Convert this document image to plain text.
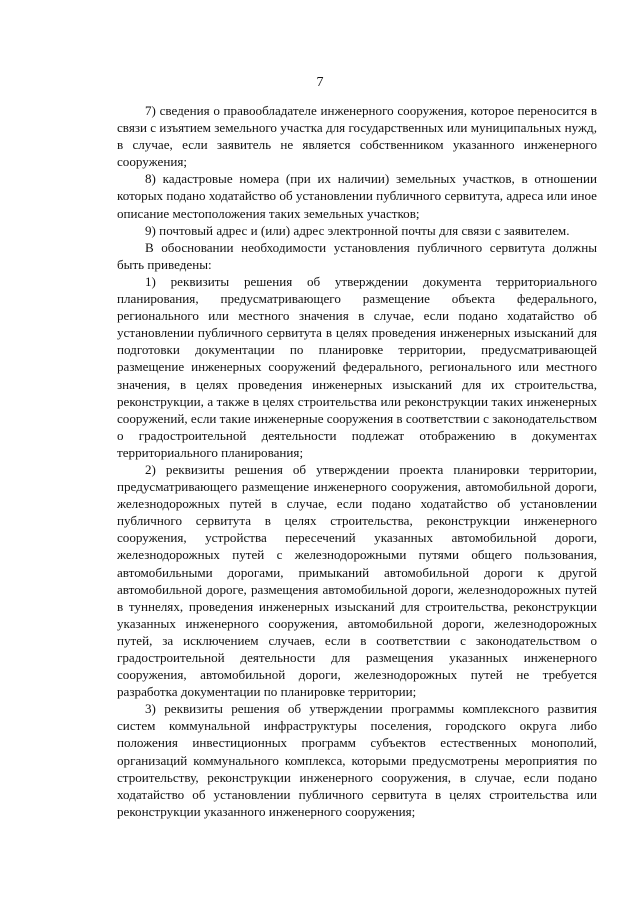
7

7) сведения о правообладателе инженерного сооружения, которое переносится в связи с изъятием земельного участка для государственных или муниципальных нужд, в случае, если заявитель не является собственником указанного инженерного сооружения;

8) кадастровые номера (при их наличии) земельных участков, в отношении которых подано ходатайство об установлении публичного сервитута, адреса или иное описание местоположения таких земельных участков;

9) почтовый адрес и (или) адрес электронной почты для связи с заявителем.

В обосновании необходимости установления публичного сервитута должны быть приведены:

1) реквизиты решения об утверждении документа территориального планирования, предусматривающего размещение объекта федерального, регионального или местного значения в случае, если подано ходатайство об установлении публичного сервитута в целях проведения инженерных изысканий для подготовки документации по планировке территории, предусматривающей размещение инженерных сооружений федерального, регионального или местного значения, в целях проведения инженерных изысканий для их строительства, реконструкции, а также в целях строительства или реконструкции таких инженерных сооружений, если такие инженерные сооружения в соответствии с законодательством о градостроительной деятельности подлежат отображению в документах территориального планирования;

2) реквизиты решения об утверждении проекта планировки территории, предусматривающего размещение инженерного сооружения, автомобильной дороги, железнодорожных путей в случае, если подано ходатайство об установлении публичного сервитута в целях строительства, реконструкции инженерного сооружения, устройства пересечений указанных автомобильной дороги, железнодорожных путей с железнодорожными путями общего пользования, автомобильными дорогами, примыканий автомобильной дороги к другой автомобильной дороге, размещения автомобильной дороги, железнодорожных путей в туннелях, проведения инженерных изысканий для строительства, реконструкции указанных инженерного сооружения, автомобильной дороги, железнодорожных путей, за исключением случаев, если в соответствии с законодательством о градостроительной деятельности для размещения указанных инженерного сооружения, автомобильной дороги, железнодорожных путей не требуется разработка документации по планировке территории;

3) реквизиты решения об утверждении программы комплексного развития систем коммунальной инфраструктуры поселения, городского округа либо положения инвестиционных программ субъектов естественных монополий, организаций коммунального комплекса, которыми предусмотрены мероприятия по строительству, реконструкции инженерного сооружения, в случае, если подано ходатайство об установлении публичного сервитута в целях строительства или реконструкции указанного инженерного сооружения;
